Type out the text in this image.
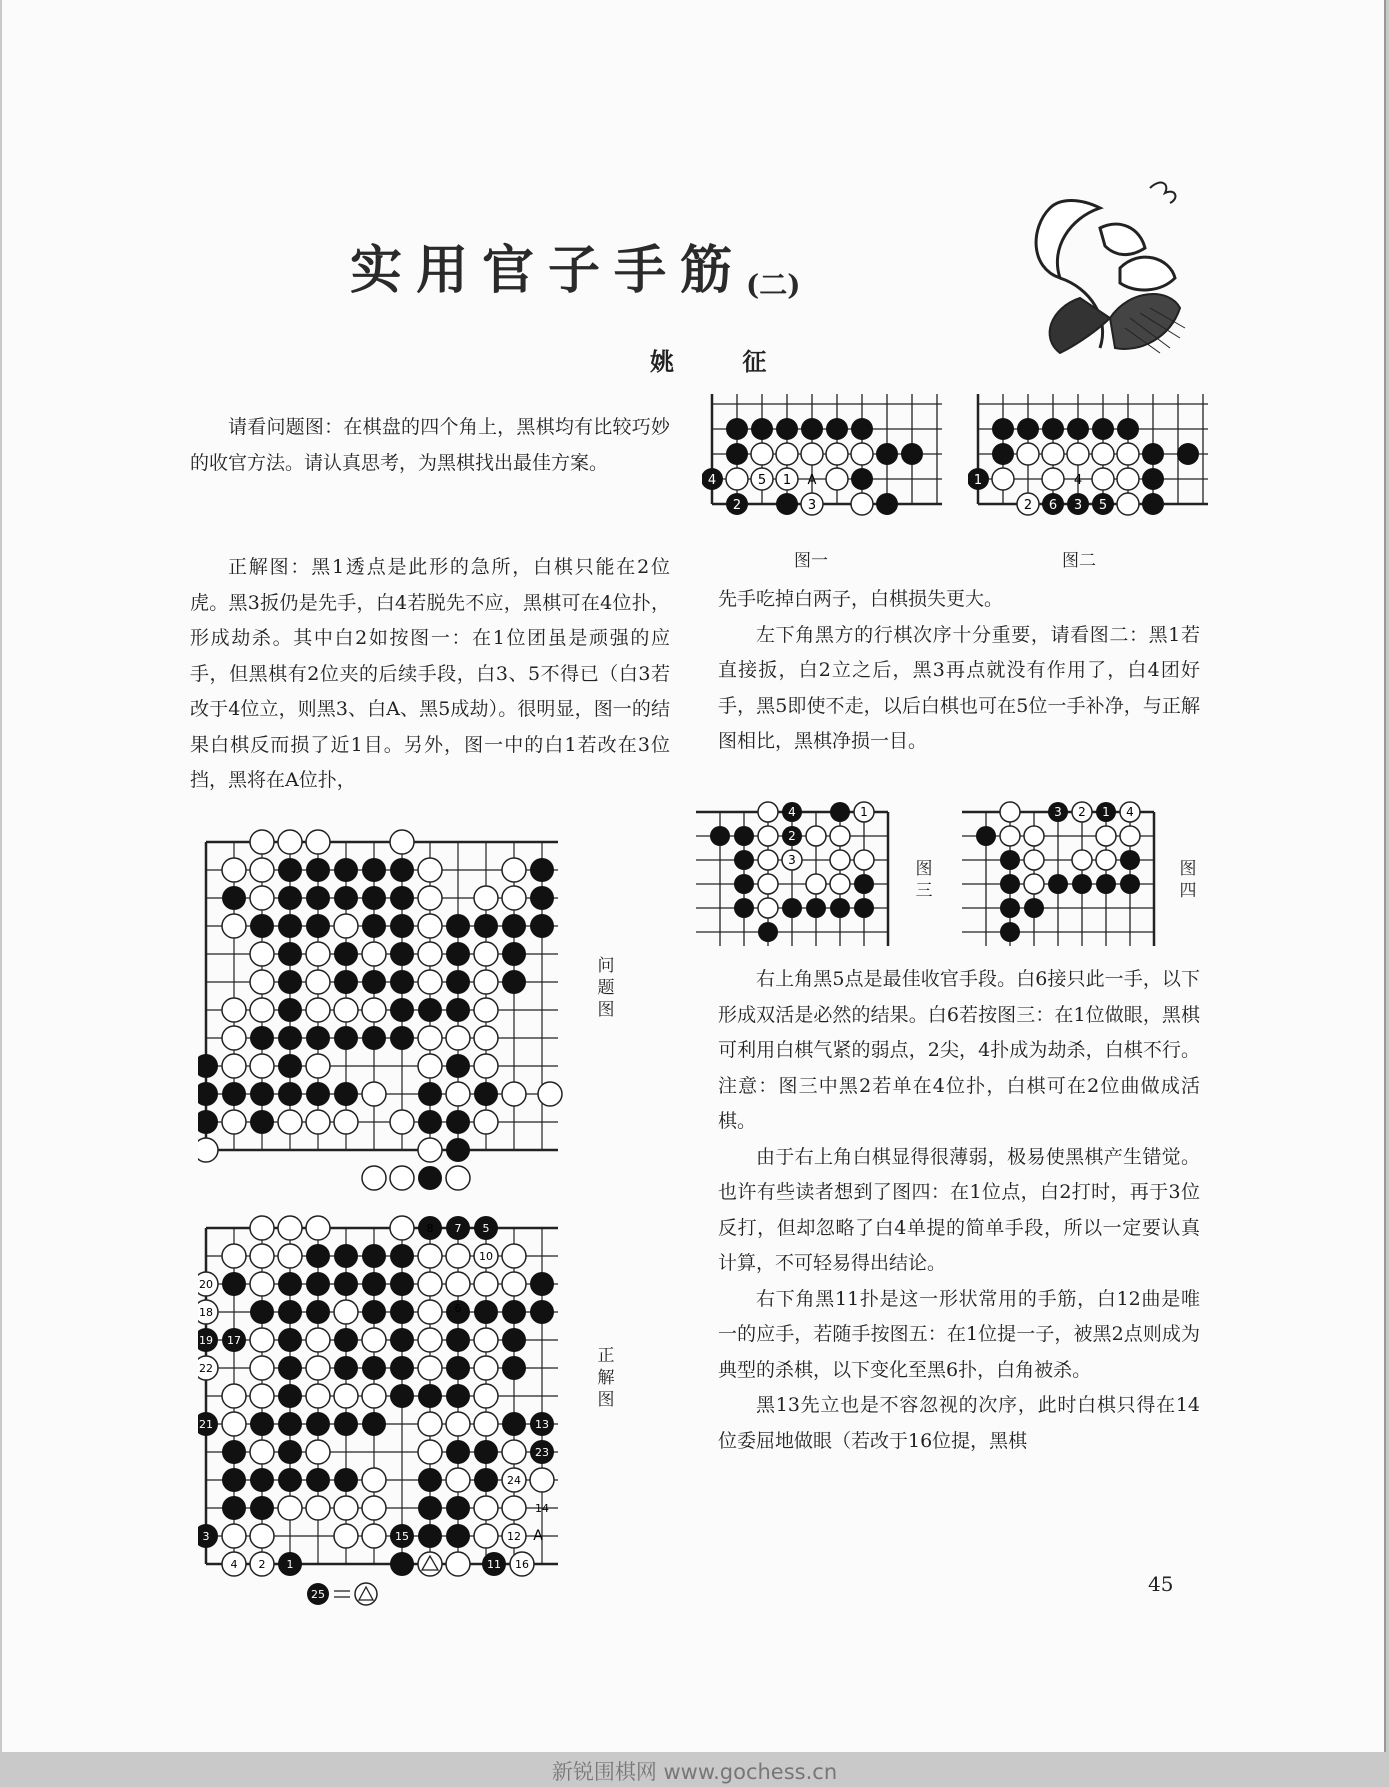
实用官子手筋(二)
姚 征

请看问题图：在棋盘的四个角上，黑棋均有比较巧妙的收官方法。请认真思考，为黑棋找出最佳方案。

正解图：黑1透点是此形的急所，白棋只能在2位虎。黑3扳仍是先手，白4若脱先不应，黑棋可在4位扑，形成劫杀。其中白2如按图一：在1位团虽是顽强的应手，但黑棋有2位夹的后续手段，白3、5不得已（白3若改于4位立，则黑3、白A、黑5成劫）。很明显，图一的结果白棋反而损了近1目。另外，图一中的白1若改在3位挡，黑将在A位扑，

4
2
5 1 A
3
图一
1	4
2 6 3 5
图二

先手吃掉白两子，白棋损失更大。

左下角黑方的行棋次序十分重要，请看图二：黑1若直接扳，白2立之后，黑3再点就没有作用了，白4团好手，黑5即使不走，以后白棋也可在5位一手补净，与正解图相比，黑棋净损一目。

4
2
3
1
图三
3 2 1 4
图四

右上角黑5点是最佳收官手段。白6接只此一手，以下形成双活是必然的结果。白6若按图三：在1位做眼，黑棋可利用白棋气紧的弱点，2尖，4扑成为劫杀，白棋不行。注意：图三中黑2若单在4位扑，白棋可在2位曲做成活棋。

由于右上角白棋显得很薄弱，极易使黑棋产生错觉。也许有些读者想到了图四：在1位点，白2打时，再于3位反打，但却忽略了白4单提的简单手段，所以一定要认真计算，不可轻易得出结论。

右下角黑11扑是这一形状常用的手筋，白12曲是唯一的应手，若随手按图五：在1位提一子，被黑2点则成为典型的杀棋，以下变化至黑6扑，白角被杀。

黑13先立也是不容忽视的次序，此时白棋只得在14位委屈地做眼（若改于16位提，黑棋

问题图
8 7 5
10
6
20
18
22
19 17
21	13
23
24
14
12
3	15
4 2 1	11 16
25
A
正解图
45
新锐围棋网 www.gochess.cn
